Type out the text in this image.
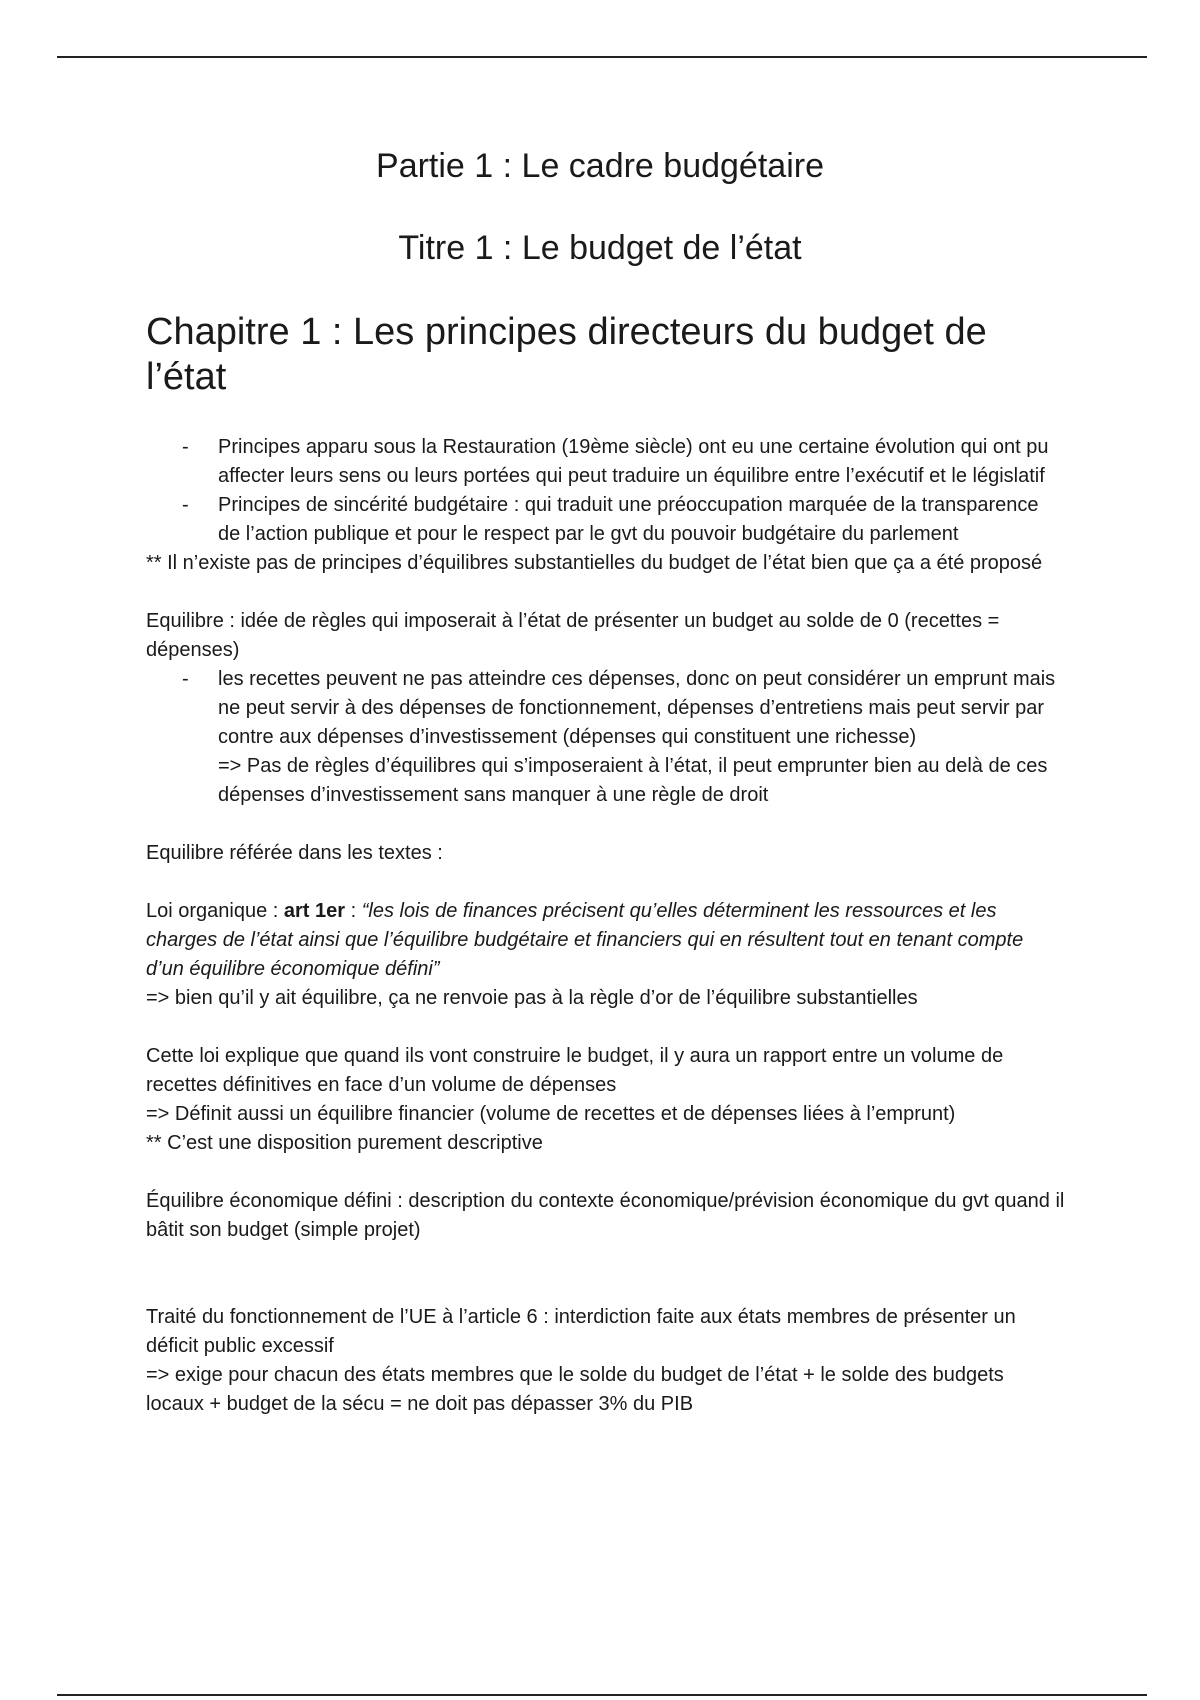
Partie 1 : Le cadre budgétaire
Titre 1 : Le budget de l’état
Chapitre 1 : Les principes directeurs du budget de l’état
- Principes apparu sous la Restauration (19ème siècle) ont eu une certaine évolution qui ont pu affecter leurs sens ou leurs portées qui peut traduire un équilibre entre l’exécutif et le législatif

- Principes de sincérité budgétaire : qui traduit une préoccupation marquée de la transparence de l’action publique et pour le respect par le gvt du pouvoir budgétaire du parlement

** Il n’existe pas de principes d’équilibres substantielles du budget de l’état bien que ça a été proposé

Equilibre : idée de règles qui imposerait à l’état de présenter un budget au solde de 0 (recettes = dépenses)

- les recettes peuvent ne pas atteindre ces dépenses, donc on peut considérer un emprunt mais ne peut servir à des dépenses de fonctionnement, dépenses d’entretiens mais peut servir par contre aux dépenses d’investissement (dépenses qui constituent une richesse)

=> Pas de règles d’équilibres qui s’imposeraient à l’état, il peut emprunter bien au delà de ces dépenses d’investissement sans manquer à une règle de droit

Equilibre référée dans les textes :

Loi organique : art 1er : “les lois de finances précisent qu’elles déterminent les ressources et les charges de l’état ainsi que l’équilibre budgétaire et financiers qui en résultent tout en tenant compte d’un équilibre économique défini”

=> bien qu’il y ait équilibre, ça ne renvoie pas à la règle d’or de l’équilibre substantielles

Cette loi explique que quand ils vont construire le budget, il y aura un rapport entre un volume de recettes définitives en face d’un volume de dépenses

=> Définit aussi un équilibre financier (volume de recettes et de dépenses liées à l’emprunt)

** C’est une disposition purement descriptive

Équilibre économique défini : description du contexte économique/prévision économique du gvt quand il bâtit son budget (simple projet)

Traité du fonctionnement de l’UE à l’article 6 : interdiction faite aux états membres de présenter un déficit public excessif

=> exige pour chacun des états membres que le solde du budget de l’état + le solde des budgets locaux + budget de la sécu = ne doit pas dépasser 3% du PIB
